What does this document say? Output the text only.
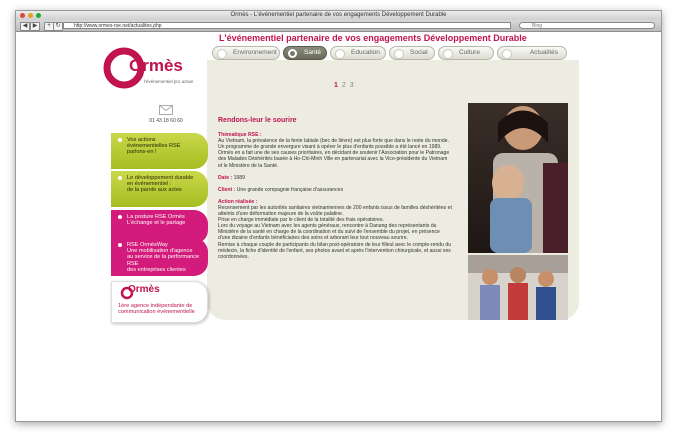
Ormès - L'événementiel partenaire de vos engagements Développement Durable
◀ ▶	+ ↻	http://www.ormes-rse.net/actualites.php	Bing
Ormès
l'événementiel pro active
L'événementiel partenaire de vos engagements Développement Durable
Environnement	Santé	Education	Social	Culture	Actualités
1 2 3
01 43 18 60 60
Vos actions
événementielles RSE
parlons-en !
Le développement durable
en événementiel :
de la parole aux actes
La posture RSE Ormès
L'échange et le partage
RSE OrmèsWay
Une mobilisation d'agence
au service de la performance RSE
des entreprises clientes
Ormès
1ère agence indépendante de
communication événementielle
Rendons-leur le sourire

Thématique RSE :
Au Vietnam, la prévalence de la fente labiale (bec de lièvre) est plus forte que dans le reste du monde. Un programme de grande envergure visant à opérer le plus d'enfants possible a été lancé en 1989. Ormès en a fait une de ses causes prioritaires, en décidant de soutenir l'Association pour le Patronage des Malades Déshérités basée à Ho-Chi-Minh Ville en partenariat avec la Vice-présidente du Vietnam et le Ministère de la Santé.

Date : 1989

Client : Une grande compagnie française d'assurances

Action réalisée :
Recensement par les autorités sanitaires vietnamiennes de 200 enfants issus de familles déshéritées et atteints d'une déformation majeure de la voûte palatine.
Prise en charge immédiate par le client de la totalité des frais opératoires.
Lors du voyage au Vietnam avec les agents généraux, rencontre à Danang des représentants du Ministère de la santé en charge de la coordination et du suivi de l'ensemble du projet, en présence d'une dizaine d'enfants bénéficiaires des soins et arborant leur tout nouveau sourire.
Remise à chaque couple de participants du bilan post-opératoire de leur filleul avec le compte-rendu du médecin, la fiche d'identité de l'enfant, ses photos avant et après l'intervention chirurgicale, et aussi ses coordonnées.
